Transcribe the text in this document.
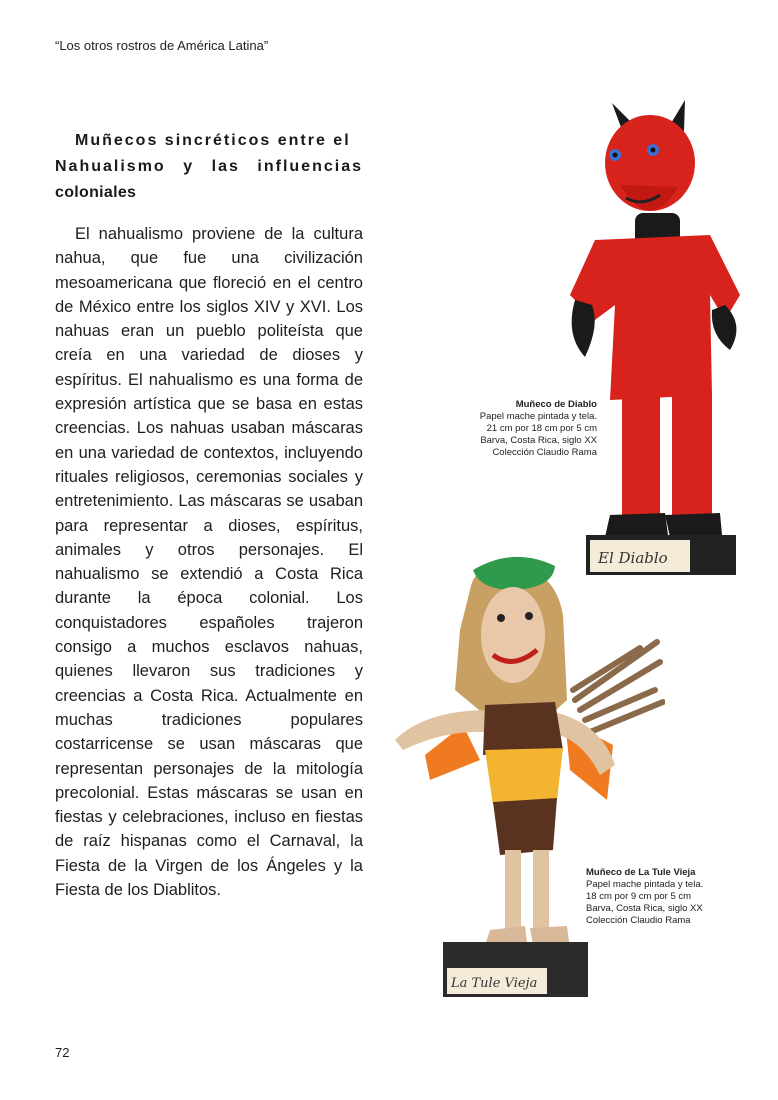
“Los otros rostros de América Latina”
Muñecos sincréticos entre el
Nahualismo y las influencias
coloniales

El nahualismo proviene de la cultura nahua, que fue una civilización mesoamericana que floreció en el centro de México entre los siglos XIV y XVI. Los nahuas eran un pueblo politeísta que creía en una variedad de dioses y espíritus. El nahualismo es una forma de expresión artística que se basa en estas creencias. Los nahuas usaban máscaras en una variedad de contextos, incluyendo rituales religiosos, ceremonias sociales y entretenimiento. Las máscaras se usaban para representar a dioses, espíritus, animales y otros personajes. El nahualismo se extendió a Costa Rica durante la época colonial. Los conquistadores españoles trajeron consigo a muchos esclavos nahuas, quienes llevaron sus tradiciones y creencias a Costa Rica. Actualmente en muchas tradiciones populares costarricense se usan máscaras que representan personajes de la mitología precolonial. Estas máscaras se usan en fiestas y celebraciones, incluso en fiestas de raíz hispanas como el Carnaval, la Fiesta de la Virgen de los Ángeles y la Fiesta de los Diablitos.

El Diablo
Muñeco de Diablo
Papel mache pintada y tela.
21 cm por 18 cm por 5 cm
Barva, Costa Rica, siglo XX
Colección Claudio Rama
La Tule Vieja
Muñeco de La Tule Vieja
Papel mache pintada y tela.
18 cm por 9 cm por 5 cm
Barva, Costa Rica, siglo XX
Colección Claudio Rama
72
